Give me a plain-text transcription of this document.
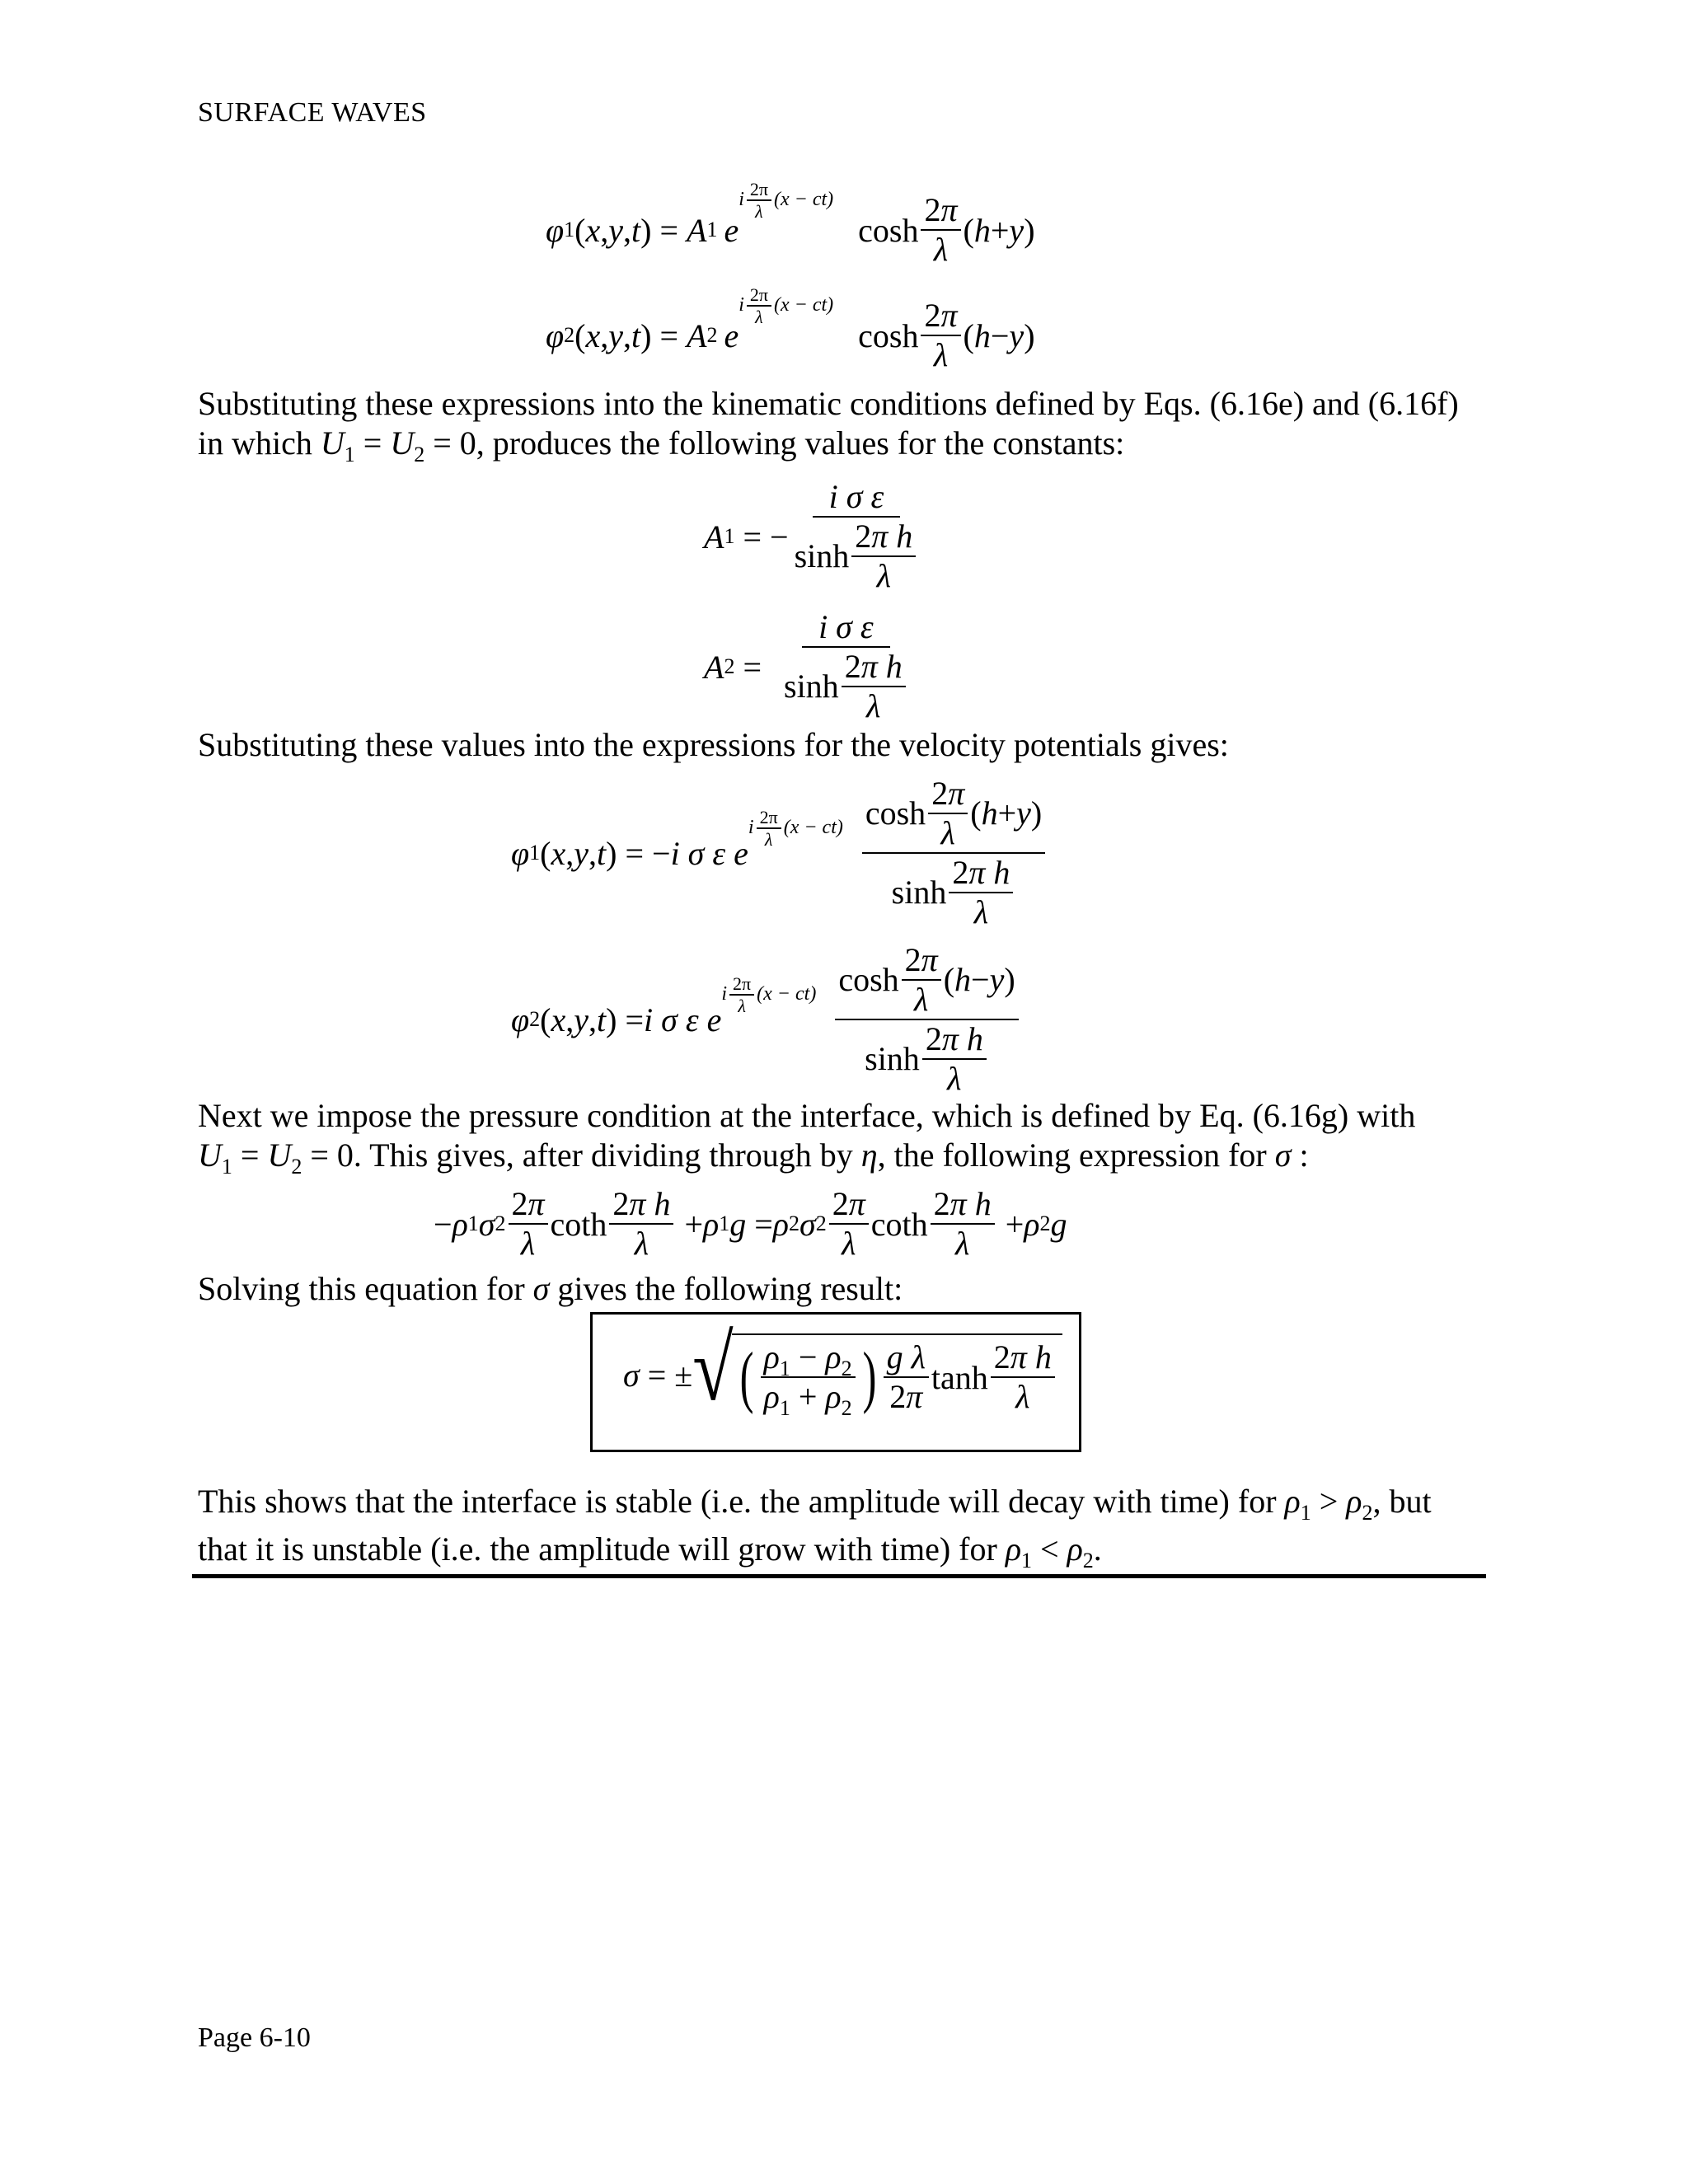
SURFACE WAVES
φ 1 ( x , y , t ) = A 1 e
i $\frac{2\pi}{\lambda} (x - ct)$
$\cosh \frac{2\pi}{\lambda}$ ( h + y )
φ 2 ( x , y , t ) = A 2 e
i $\frac{2\pi}{\lambda} (x - ct)$
$\cosh \frac{2\pi}{\lambda}$ ( h − y )
Substituting these expressions into the kinematic conditions defined by Eqs. (6.16e) and (6.16f)
in which $U_1 = U_2 = 0$, produces the following values for the constants:
A 1 = − $\frac{\text{i σ ε}}{\sinh \frac{\text{2π h}}{\lambda}}$
A $2 = \frac{\text{i σ ε}}{\sinh \frac{\text{2π h}}{\lambda}}$
Substituting these values into the expressions for the velocity potentials gives:
φ 1 ( x , y , t ) = − i σ ε e
i $\frac{2\pi}{\lambda} (x - ct) \frac{\cosh \frac{2\pi}{\lambda} ( h + y )}{\sinh \frac{\text{2π h}}{\lambda}}$
φ 2 ( x , y , t ) = i σ ε e
i $\frac{2\pi}{\lambda} (x - ct) \frac{\cosh \frac{2\pi}{\lambda} ( h - y )}{\sinh \frac{\text{2π h}}{\lambda}}$
Next we impose the pressure condition at the interface, which is defined by Eq. (6.16g) with
$U_1 = U_2 = 0$. This gives, after dividing through by η, the following expression for σ :
− ρ 1 σ $2 \frac{2\pi}{\lambda}$ coth $\frac{\text{2π h}}{\lambda} + \rho$ 1 g = ρ 2 σ $2 \frac{2\pi}{\lambda}$ coth $\frac{\text{2π h}}{\lambda} + \rho$ 2 g
Solving this equation for σ gives the following result:
σ = ± √ ( $\frac{\rho_1 - \rho_2}{\rho_1 + \rho_2}$ ) $\frac{\text{g λ}}{2\pi}$ $\tanh \frac{\text{2π h}}{\lambda}$
This shows that the interface is stable (i.e. the amplitude will decay with time) for $\rho_1 > \rho_2$, but
that it is unstable (i.e. the amplitude will grow with time) for $\rho_1 < \rho_2$.
Page 6-10
